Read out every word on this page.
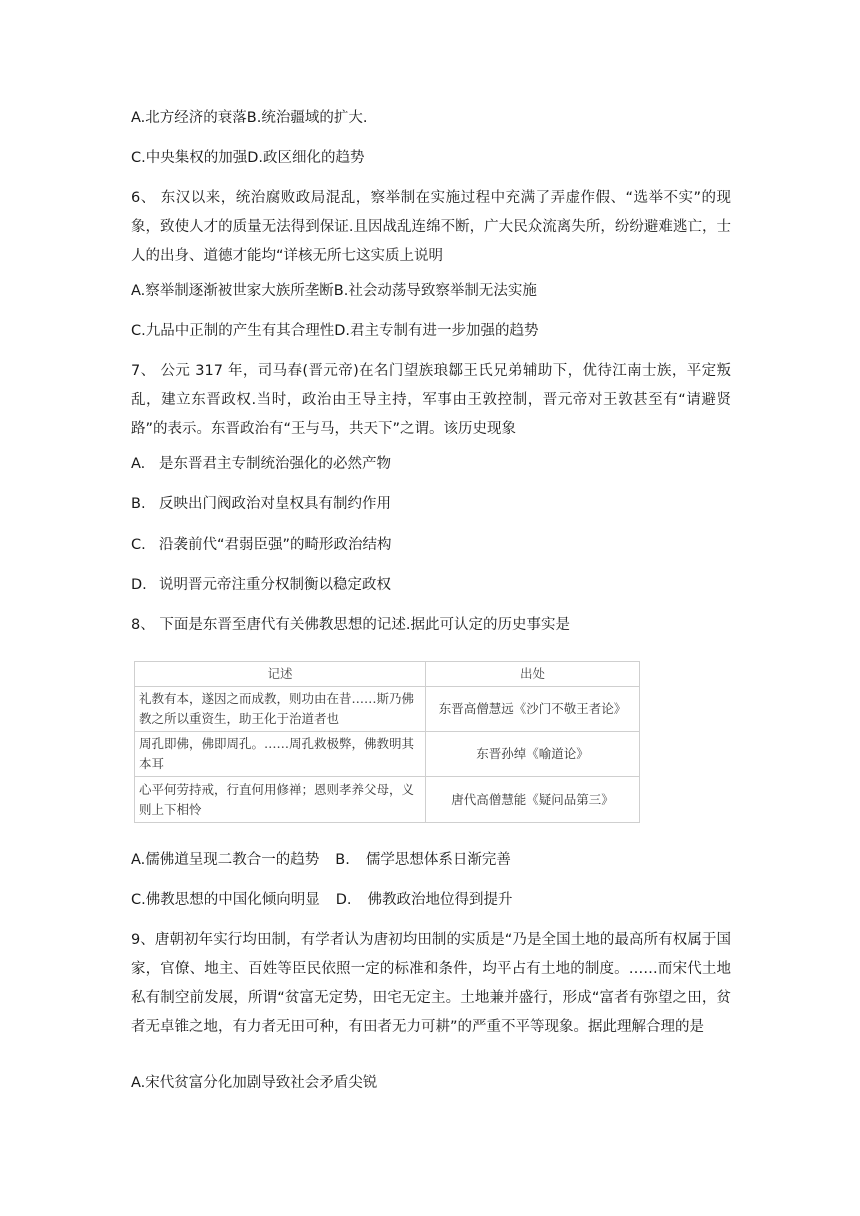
A.北方经济的衰落B.统治疆域的扩大.
C.中央集权的加强D.政区细化的趋势
6、 东汉以来，统治腐败政局混乱，察举制在实施过程中充满了弄虚作假、“选举不实”的现象，致使人才的质量无法得到保证.且因战乱连绵不断，广大民众流离失所，纷纷避难逃亡，士人的出身、道德才能均“详核无所七这实质上说明
A.察举制逐渐被世家大族所垄断B.社会动荡导致察举制无法实施
C.九品中正制的产生有其合理性D.君主专制有进一步加强的趋势
7、 公元 317 年，司马春(晋元帝)在名门望族琅鄒王氏兄弟辅助下，优待江南士族，平定叛乱，建立东晋政权.当时，政治由王导主持，军事由王敦控制，晋元帝对王敦甚至有“请避贤路”的表示。东晋政治有“王与马，共天下”之谓。该历史现象
A. 是东晋君主专制统治强化的必然产物
B. 反映出门阀政治对皇权具有制约作用
C. 沿袭前代“君弱臣强”的畸形政治结构
D. 说明晋元帝注重分权制衡以稳定政权
8、 下面是东晋至唐代有关佛教思想的记述.据此可认定的历史事实是
记述	出处
礼教有本，遂因之而成教，则功由在昔……斯乃佛教之所以重资生，助王化于治道者也	东晋高僧慧远《沙门不敬王者论》
周孔即佛，佛即周孔。……周孔救极弊，佛教明其本耳	东晋孙绰《喻道论》
心平何劳持戒，行直何用修禅；恩则孝养父母，义则上下相怜	唐代高僧慧能《疑问品第三》
A.儒佛道呈现二教合一的趋势 B. 儒学思想体系日渐完善
C.佛教思想的中国化倾向明显 D. 佛教政治地位得到提升
9、唐朝初年实行均田制，有学者认为唐初均田制的实质是“乃是全国土地的最高所有权属于国家，官僚、地主、百姓等臣民依照一定的标准和条件，均平占有土地的制度。……而宋代土地私有制空前发展，所谓“贫富无定势，田宅无定主。土地兼并盛行，形成“富者有弥望之田，贫者无卓锥之地，有力者无田可种，有田者无力可耕”的严重不平等现象。据此理解合理的是
A.宋代贫富分化加剧导致社会矛盾尖锐
